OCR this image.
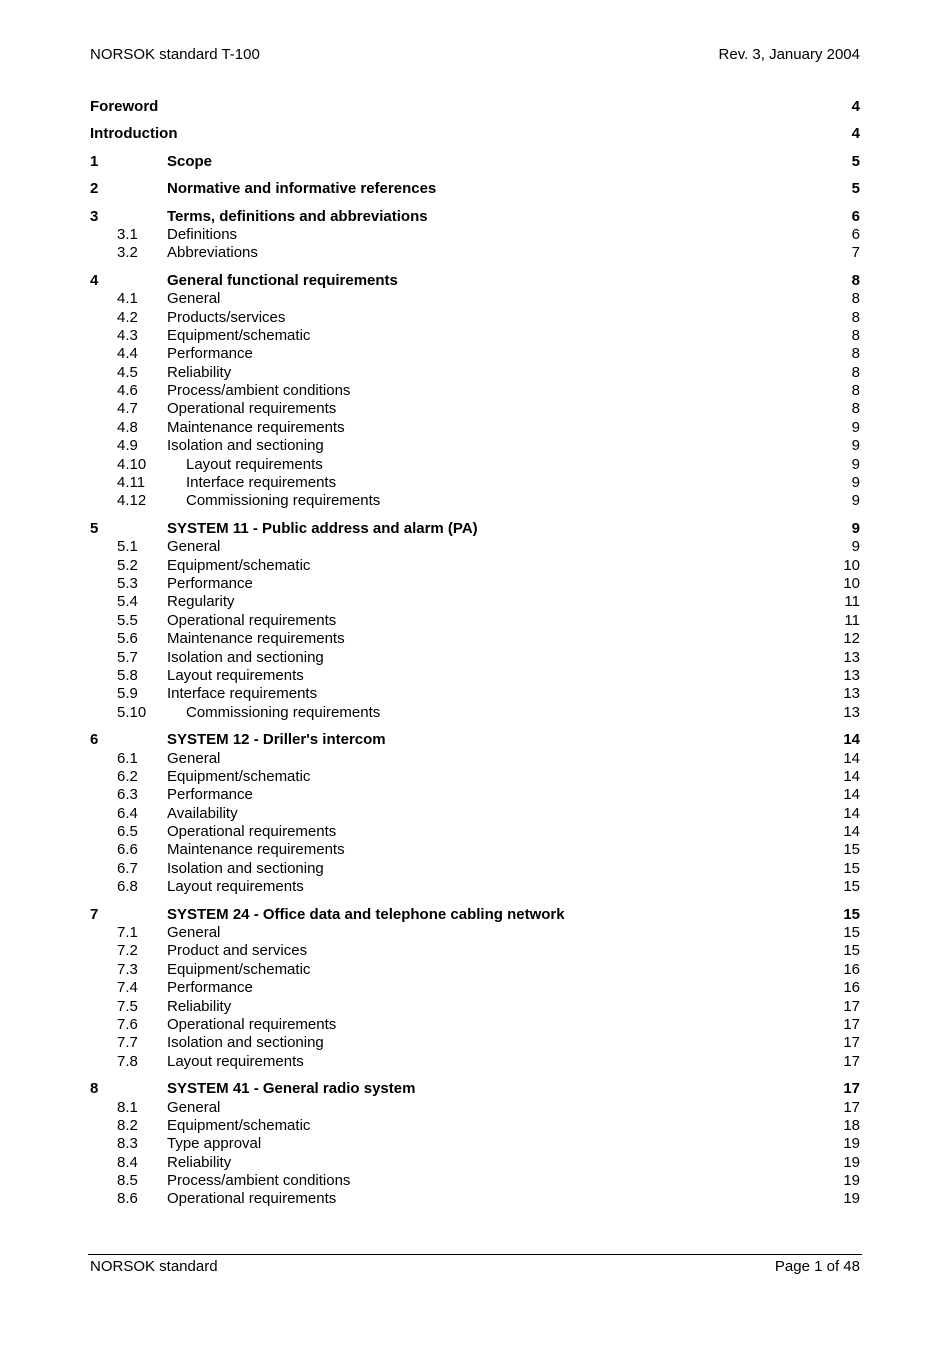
NORSOK standard T-100	Rev. 3, January 2004
Foreword	4
Introduction	4
1	Scope	5
2	Normative and informative references	5
3	Terms, definitions and abbreviations	6
3.1 Definitions	6
3.2 Abbreviations	7
4	General functional requirements	8
4.1 General	8
4.2 Products/services	8
4.3 Equipment/schematic	8
4.4 Performance	8
4.5 Reliability	8
4.6 Process/ambient conditions	8
4.7 Operational requirements	8
4.8 Maintenance requirements	9
4.9 Isolation and sectioning	9
4.10	Layout requirements	9
4.11	Interface requirements	9
4.12	Commissioning requirements	9
5	SYSTEM 11 - Public address and alarm (PA)	9
5.1 General	9
5.2 Equipment/schematic	10
5.3 Performance	10
5.4 Regularity	11
5.5 Operational requirements	11
5.6 Maintenance requirements	12
5.7 Isolation and sectioning	13
5.8 Layout requirements	13
5.9 Interface requirements	13
5.10	Commissioning requirements	13
6	SYSTEM 12 - Driller's intercom	14
6.1 General	14
6.2 Equipment/schematic	14
6.3 Performance	14
6.4 Availability	14
6.5 Operational requirements	14
6.6 Maintenance requirements	15
6.7 Isolation and sectioning	15
6.8 Layout requirements	15
7	SYSTEM 24 - Office data and telephone cabling network	15
7.1 General	15
7.2 Product and services	15
7.3 Equipment/schematic	16
7.4 Performance	16
7.5 Reliability	17
7.6 Operational requirements	17
7.7 Isolation and sectioning	17
7.8 Layout requirements	17
8	SYSTEM 41 - General radio system	17
8.1 General	17
8.2 Equipment/schematic	18
8.3 Type approval	19
8.4 Reliability	19
8.5 Process/ambient conditions	19
8.6 Operational requirements	19
NORSOK standard	Page 1 of 48
